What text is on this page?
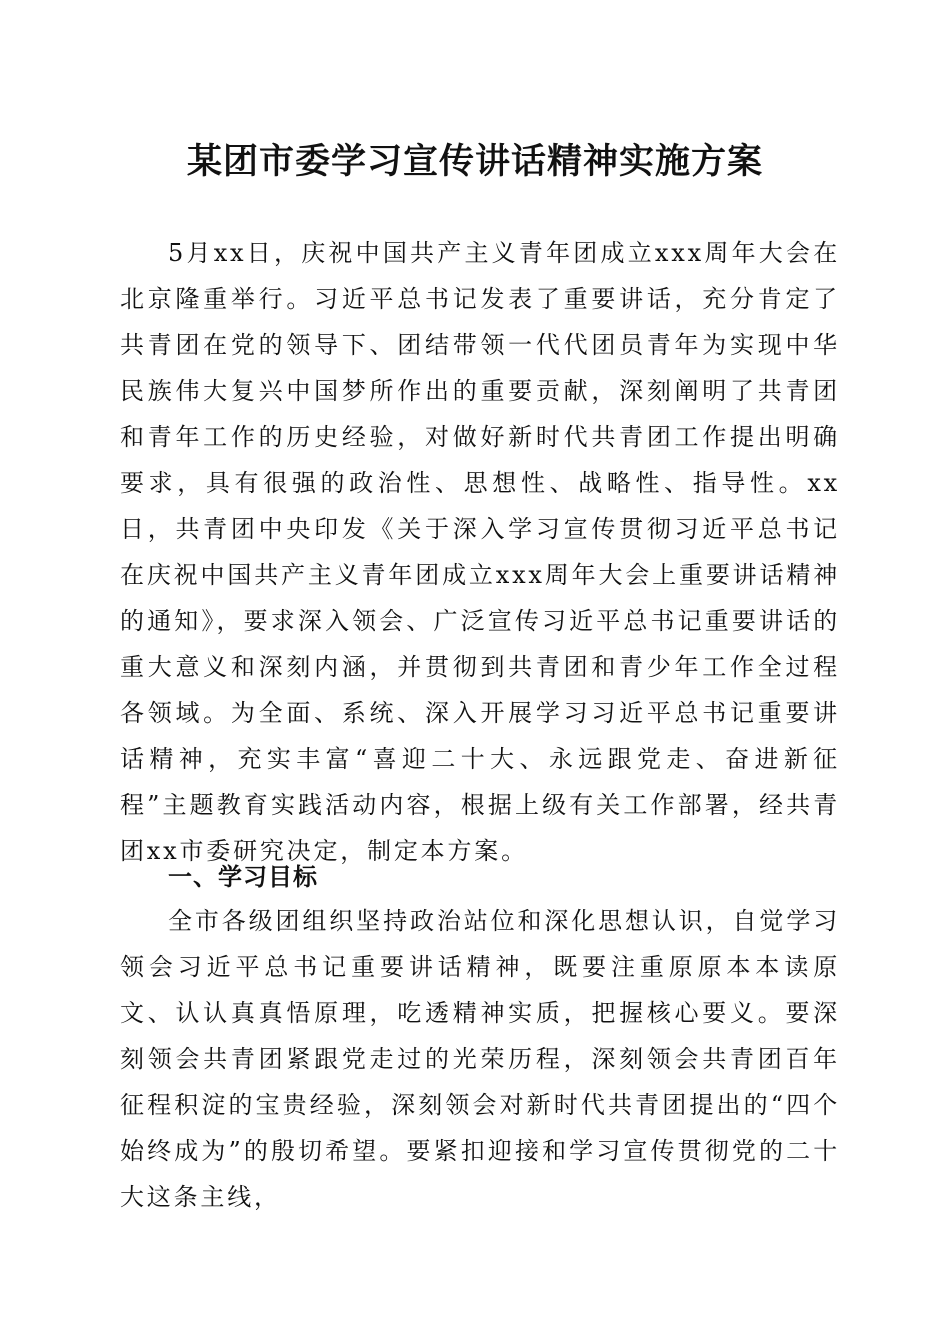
某团市委学习宣传讲话精神实施方案

5月xx日，庆祝中国共产主义青年团成立xxx周年大会在北京隆重举行。习近平总书记发表了重要讲话，充分肯定了共青团在党的领导下、团结带领一代代团员青年为实现中华民族伟大复兴中国梦所作出的重要贡献，深刻阐明了共青团和青年工作的历史经验，对做好新时代共青团工作提出明确要求，具有很强的政治性、思想性、战略性、指导性。xx日，共青团中央印发《关于深入学习宣传贯彻习近平总书记在庆祝中国共产主义青年团成立xxx周年大会上重要讲话精神的通知》，要求深入领会、广泛宣传习近平总书记重要讲话的重大意义和深刻内涵，并贯彻到共青团和青少年工作全过程各领域。为全面、系统、深入开展学习习近平总书记重要讲话精神，充实丰富“喜迎二十大、永远跟党走、奋进新征程”主题教育实践活动内容，根据上级有关工作部署，经共青团xx市委研究决定，制定本方案。

一、学习目标

全市各级团组织坚持政治站位和深化思想认识，自觉学习领会习近平总书记重要讲话精神，既要注重原原本本读原文、认认真真悟原理，吃透精神实质，把握核心要义。要深刻领会共青团紧跟党走过的光荣历程，深刻领会共青团百年征程积淀的宝贵经验，深刻领会对新时代共青团提出的“四个始终成为”的殷切希望。要紧扣迎接和学习宣传贯彻党的二十大这条主线，
